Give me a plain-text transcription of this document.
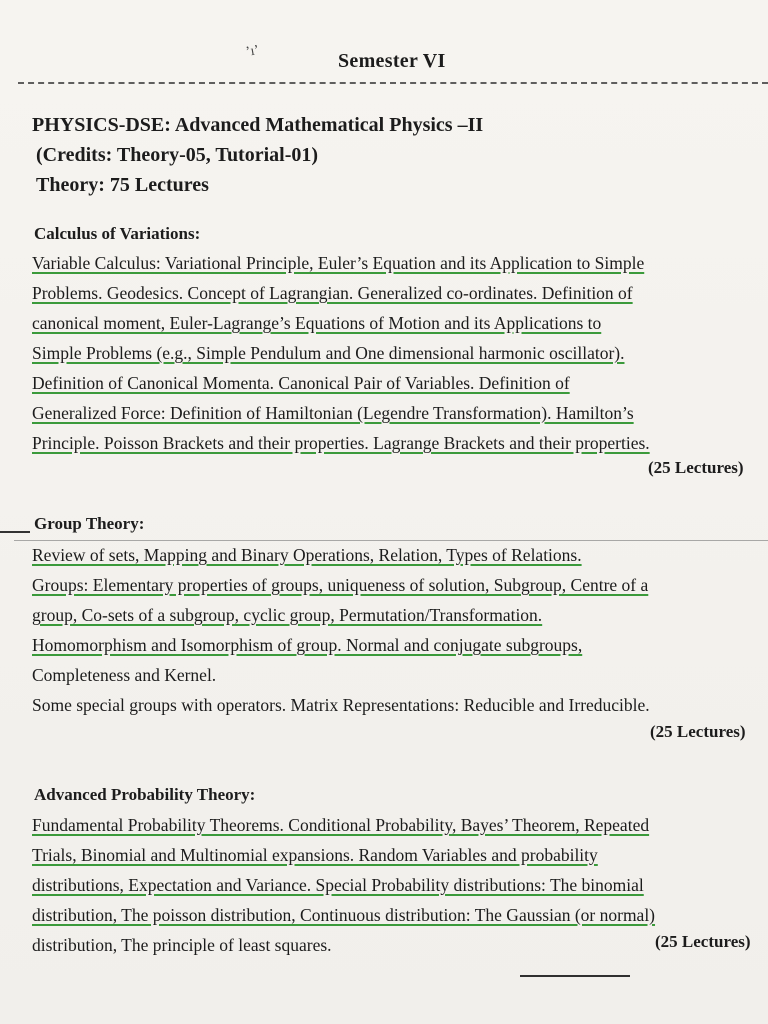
ʼıʼ	Semester VI
PHYSICS-DSE: Advanced Mathematical Physics –II
(Credits: Theory-05, Tutorial-01)
Theory: 75 Lectures
Calculus of Variations:
Variable Calculus: Variational Principle, Euler’s Equation and its Application to Simple
Problems. Geodesics. Concept of Lagrangian. Generalized co-ordinates. Definition of
canonical moment, Euler-Lagrange’s Equations of Motion and its Applications to
Simple Problems (e.g., Simple Pendulum and One dimensional harmonic oscillator).
Definition of Canonical Momenta. Canonical Pair of Variables. Definition of
Generalized Force: Definition of Hamiltonian (Legendre Transformation). Hamilton’s
Principle. Poisson Brackets and their properties. Lagrange Brackets and their properties.
(25 Lectures)
Group Theory:
Review of sets, Mapping and Binary Operations, Relation, Types of Relations.
Groups: Elementary properties of groups, uniqueness of solution, Subgroup, Centre of a
group, Co-sets of a subgroup, cyclic group, Permutation/Transformation.
Homomorphism and Isomorphism of group. Normal and conjugate subgroups,
Completeness and Kernel.
Some special groups with operators. Matrix Representations: Reducible and Irreducible.
(25 Lectures)
Advanced Probability Theory:
Fundamental Probability Theorems. Conditional Probability, Bayes’ Theorem, Repeated
Trials, Binomial and Multinomial expansions. Random Variables and probability
distributions, Expectation and Variance. Special Probability distributions: The binomial
distribution, The poisson distribution, Continuous distribution: The Gaussian (or normal)
distribution, The principle of least squares.	(25 Lectures)
